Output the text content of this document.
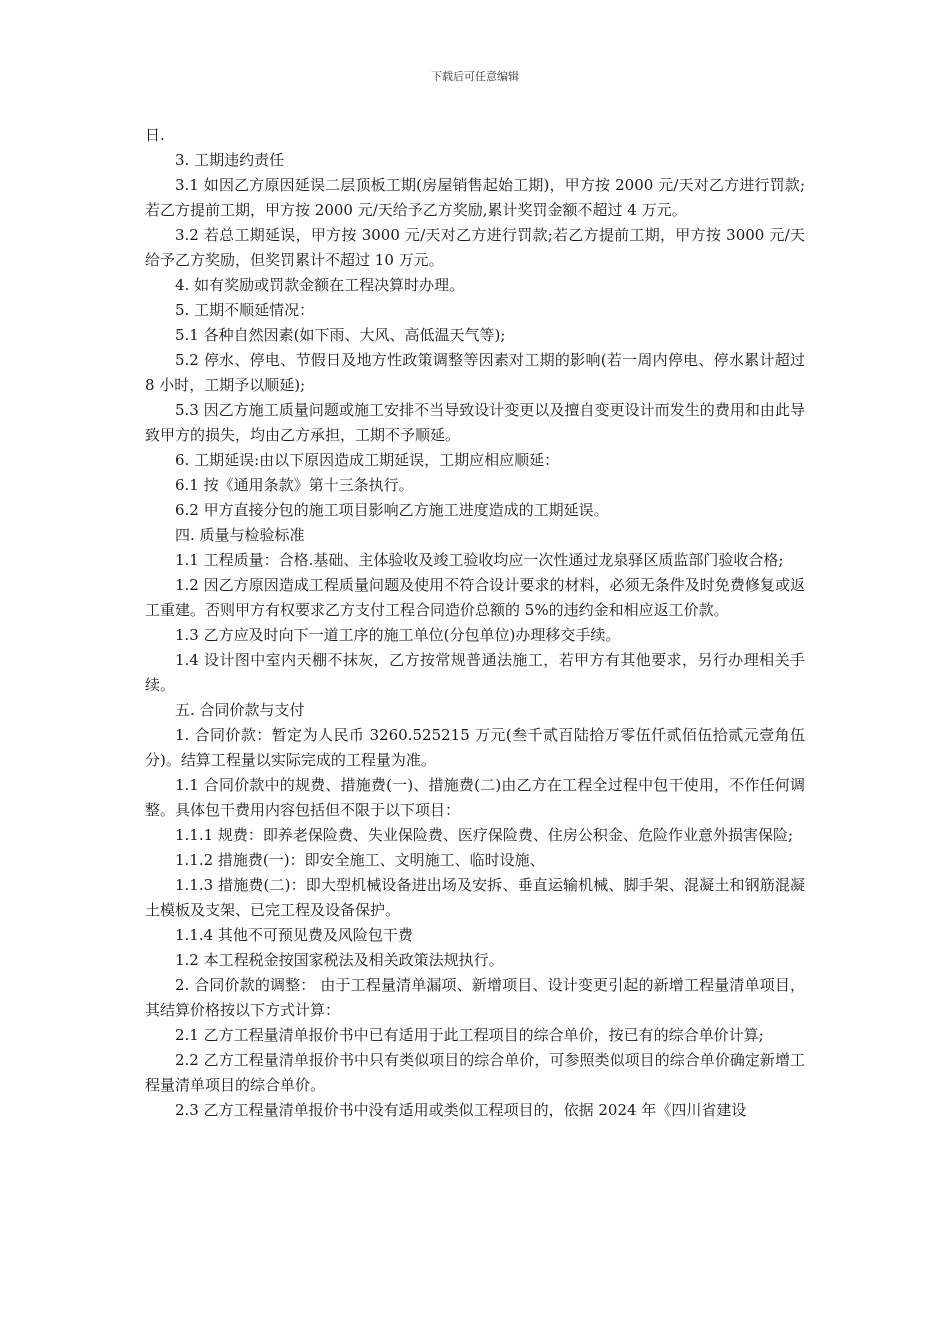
下载后可任意编辑

日.

3. 工期违约责任

3.1 如因乙方原因延误二层顶板工期(房屋销售起始工期)，甲方按 2000 元/天对乙方进行罚款;若乙方提前工期，甲方按 2000 元/天给予乙方奖励,累计奖罚金额不超过 4 万元。

3.2 若总工期延误，甲方按 3000 元/天对乙方进行罚款;若乙方提前工期，甲方按 3000 元/天给予乙方奖励，但奖罚累计不超过 10 万元。

4. 如有奖励或罚款金额在工程决算时办理。

5. 工期不顺延情况：

5.1 各种自然因素(如下雨、大风、高低温天气等);

5.2 停水、停电、节假日及地方性政策调整等因素对工期的影响(若一周内停电、停水累计超过 8 小时，工期予以顺延);

5.3 因乙方施工质量问题或施工安排不当导致设计变更以及擅自变更设计而发生的费用和由此导致甲方的损失，均由乙方承担，工期不予顺延。

6. 工期延误:由以下原因造成工期延误，工期应相应顺延：

6.1 按《通用条款》第十三条执行。

6.2 甲方直接分包的施工项目影响乙方施工进度造成的工期延误。

四. 质量与检验标准

1.1 工程质量：合格.基础、主体验收及竣工验收均应一次性通过龙泉驿区质监部门验收合格;

1.2 因乙方原因造成工程质量问题及使用不符合设计要求的材料，必须无条件及时免费修复或返工重建。否则甲方有权要求乙方支付工程合同造价总额的 5%的违约金和相应返工价款。

1.3 乙方应及时向下一道工序的施工单位(分包单位)办理移交手续。

1.4 设计图中室内天棚不抹灰，乙方按常规普通法施工，若甲方有其他要求，另行办理相关手续。

五. 合同价款与支付

1. 合同价款：暂定为人民币 3260.525215 万元(叁千贰百陆拾万零伍仟贰佰伍拾贰元壹角伍分)。结算工程量以实际完成的工程量为准。

1.1 合同价款中的规费、措施费(一)、措施费(二)由乙方在工程全过程中包干使用，不作任何调整。具体包干费用内容包括但不限于以下项目：

1.1.1 规费：即养老保险费、失业保险费、医疗保险费、住房公积金、危险作业意外损害保险;

1.1.2 措施费(一)：即安全施工、文明施工、临时设施、

1.1.3 措施费(二)：即大型机械设备进出场及安拆、垂直运输机械、脚手架、混凝土和钢筋混凝土模板及支架、已完工程及设备保护。

1.1.4 其他不可预见费及风险包干费

1.2 本工程税金按国家税法及相关政策法规执行。

2. 合同价款的调整： 由于工程量清单漏项、新增项目、设计变更引起的新增工程量清单项目，其结算价格按以下方式计算：

2.1 乙方工程量清单报价书中已有适用于此工程项目的综合单价，按已有的综合单价计算;

2.2 乙方工程量清单报价书中只有类似项目的综合单价，可参照类似项目的综合单价确定新增工程量清单项目的综合单价。

2.3 乙方工程量清单报价书中没有适用或类似工程项目的，依据 2024 年《四川省建设
